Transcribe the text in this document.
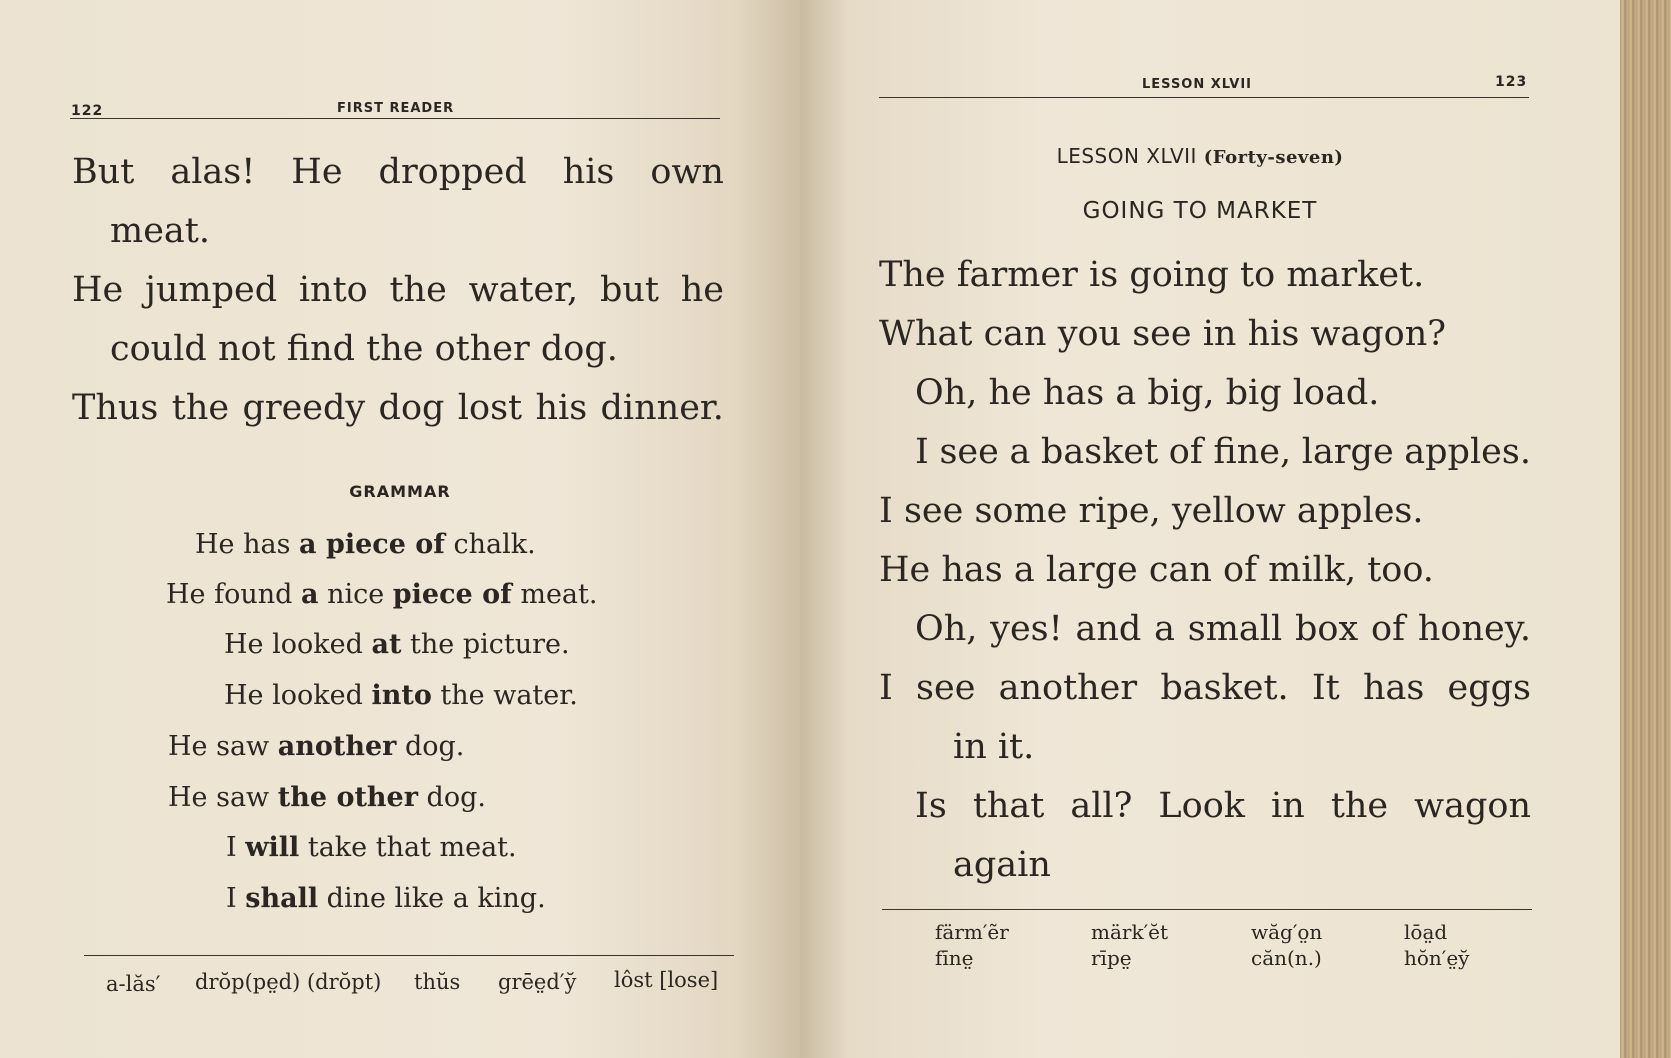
122	FIRST READER
But alas! He dropped his own
meat.
He jumped into the water, but he
could not find the other dog.
Thus the greedy dog lost his dinner.
GRAMMAR
He has a piece of chalk.
He found a nice piece of meat.
He looked at the picture.
He looked into the water.
He saw another dog.
He saw the other dog.
I will take that meat.
I shall dine like a king.
a-lăs′ drŏp(pe̤d) (drŏpt) thŭs grēe̤d′y̆ lôst [lose]
LESSON XLVII	123
LESSON XLVII (Forty-seven)
GOING TO MARKET
The farmer is going to market.
What can you see in his wagon?
Oh, he has a big, big load.
I see a basket of fine, large apples.
I see some ripe, yellow apples.
He has a large can of milk, too.
Oh, yes! and a small box of honey.
I see another basket. It has eggs
in it.
Is that all? Look in the wagon
again
färm′ẽr	märk′ĕt	wăg′o̤n	lōa̤d
fīne̤	rīpe̤	căn(n.)	hŏn′e̤y̆
